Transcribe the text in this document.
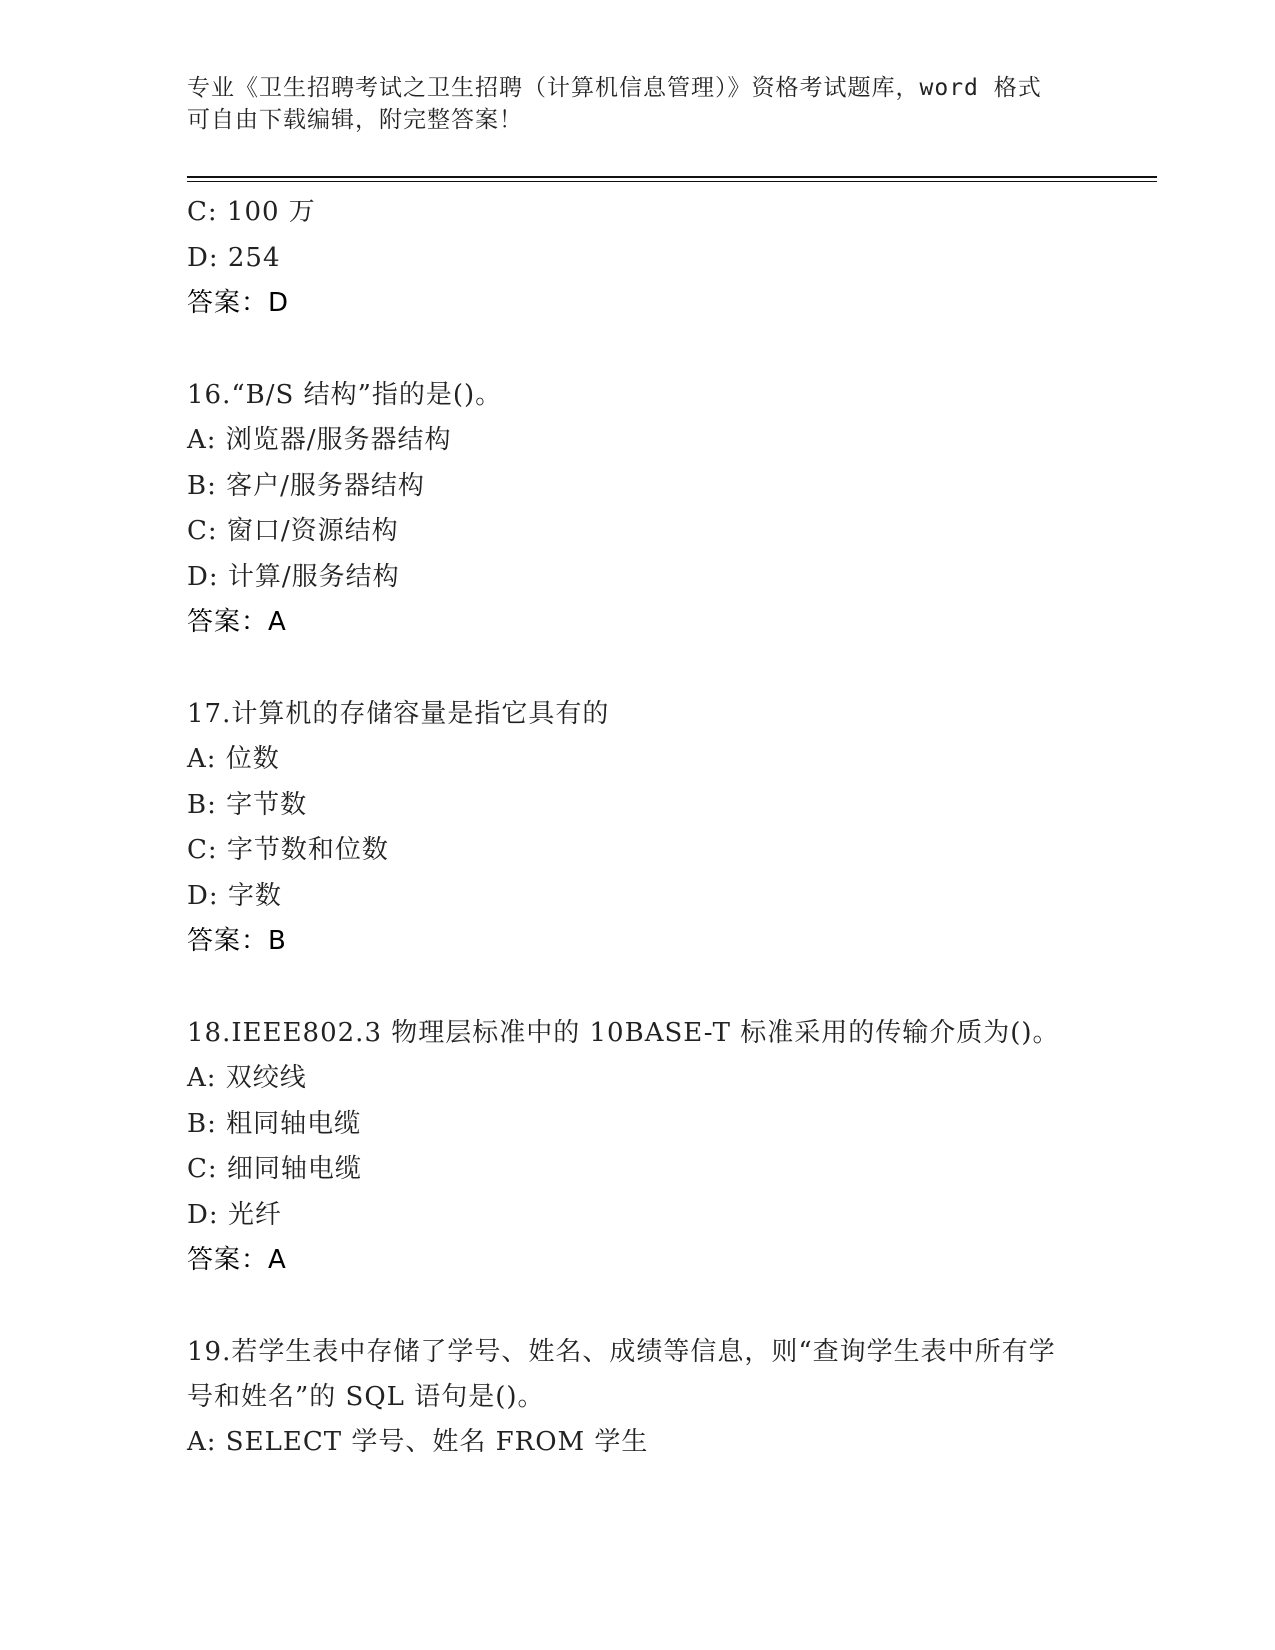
专业《卫生招聘考试之卫生招聘（计算机信息管理）》资格考试题库，word 格式
可自由下载编辑，附完整答案！
C: 100 万
D: 254
答案：D
16.“B/S 结构”指的是()。
A: 浏览器/服务器结构
B: 客户/服务器结构
C: 窗口/资源结构
D: 计算/服务结构
答案：A
17.计算机的存储容量是指它具有的
A: 位数
B: 字节数
C: 字节数和位数
D: 字数
答案：B
18.IEEE802.3 物理层标准中的 10BASE-T 标准采用的传输介质为()。
A: 双绞线
B: 粗同轴电缆
C: 细同轴电缆
D: 光纤
答案：A
19.若学生表中存储了学号、姓名、成绩等信息，则“查询学生表中所有学号和姓名”的 SQL 语句是()。
A: SELECT 学号、姓名 FROM 学生
